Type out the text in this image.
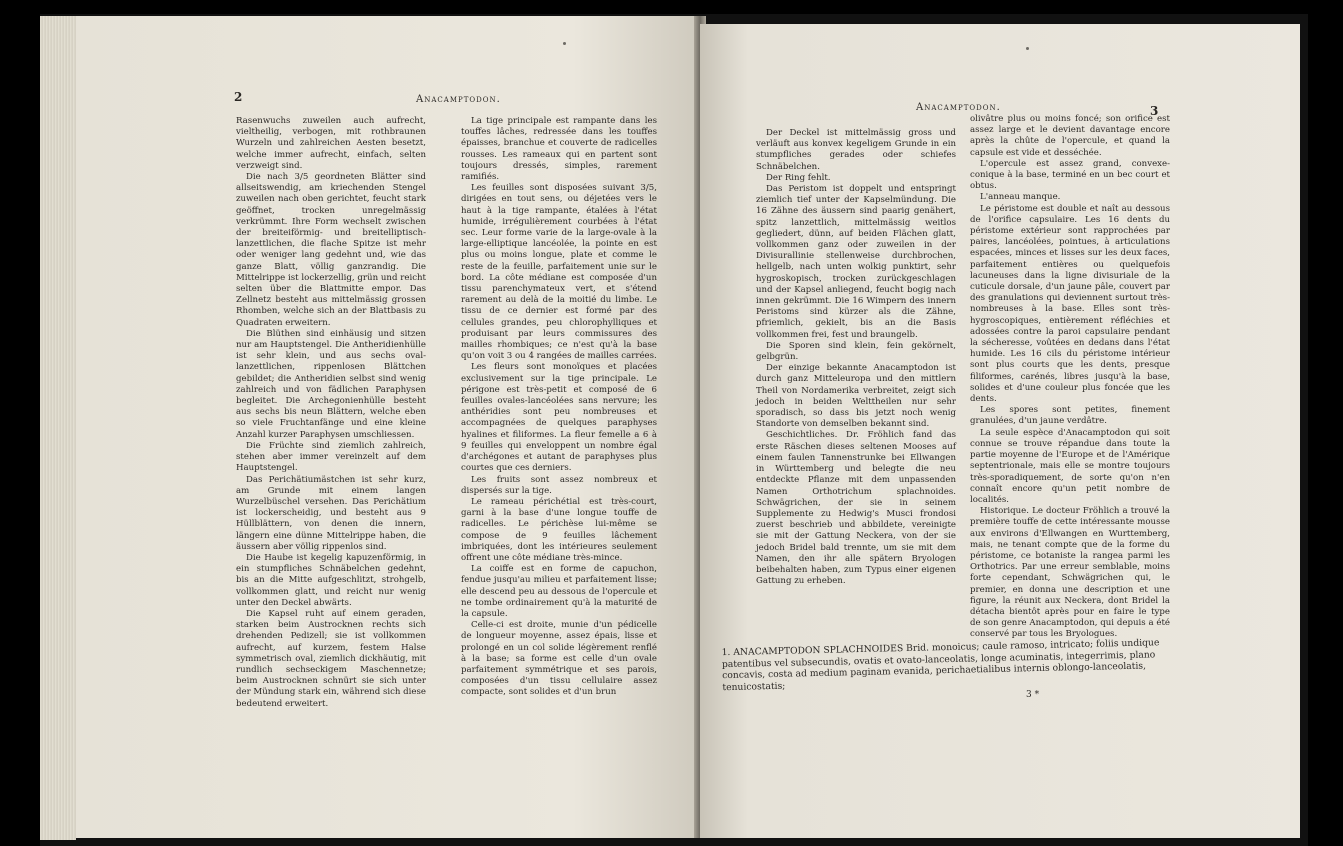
2	Anacamptodon.

Rasenwuchs zuweilen auch aufrecht, vieltheilig, verbogen, mit rothbraunen Wurzeln und zahlreichen Aesten besetzt, welche immer aufrecht, einfach, selten verzweigt sind.

Die nach 3/5 geordneten Blätter sind allseitswendig, am kriechenden Stengel zuweilen nach oben gerichtet, feucht stark geöffnet, trocken unregelmässig verkrümmt. Ihre Form wechselt zwischen der breiteiförmig- und breitelliptisch-lanzettlichen, die flache Spitze ist mehr oder weniger lang gedehnt und, wie das ganze Blatt, völlig ganzrandig. Die Mittelrippe ist lockerzellig, grün und reicht selten über die Blattmitte empor. Das Zellnetz besteht aus mittelmässig grossen Rhomben, welche sich an der Blattbasis zu Quadraten erweitern.

Die Blüthen sind einhäusig und sitzen nur am Hauptstengel. Die Antheridienhülle ist sehr klein, und aus sechs oval-lanzettlichen, rippenlosen Blättchen gebildet; die Antheridien selbst sind wenig zahlreich und von fädlichen Paraphysen begleitet. Die Archegonienhülle besteht aus sechs bis neun Blättern, welche eben so viele Fruchtanfänge und eine kleine Anzahl kurzer Paraphysen umschliessen.

Die Früchte sind ziemlich zahlreich, stehen aber immer vereinzelt auf dem Hauptstengel.

Das Perichätiumästchen ist sehr kurz, am Grunde mit einem langen Wurzelbüschel versehen. Das Perichätium ist lockerscheidig, und besteht aus 9 Hüllblättern, von denen die innern, längern eine dünne Mittelrippe haben, die äussern aber völlig rippenlos sind.

Die Haube ist kegelig kapuzenförmig, in ein stumpfliches Schnäbelchen gedehnt, bis an die Mitte aufgeschlitzt, strohgelb, vollkommen glatt, und reicht nur wenig unter den Deckel abwärts.

Die Kapsel ruht auf einem geraden, starken beim Austrocknen rechts sich drehenden Pedizell; sie ist vollkommen aufrecht, auf kurzem, festem Halse symmetrisch oval, ziemlich dickhäutig, mit rundlich sechseckigem Maschennetze; beim Austrocknen schnürt sie sich unter der Mündung stark ein, während sich diese bedeutend erweitert.

La tige principale est rampante dans les touffes lâches, redressée dans les touffes épaisses, branchue et couverte de radicelles rousses. Les rameaux qui en partent sont toujours dressés, simples, rarement ramifiés.

Les feuilles sont disposées suivant 3/5, dirigées en tout sens, ou déjetées vers le haut à la tige rampante, étalées à l'état humide, irrégulièrement courbées à l'état sec. Leur forme varie de la large-ovale à la large-elliptique lancéolée, la pointe en est plus ou moins longue, plate et comme le reste de la feuille, parfaitement unie sur le bord. La côte médiane est composée d'un tissu parenchymateux vert, et s'étend rarement au delà de la moitié du limbe. Le tissu de ce dernier est formé par des cellules grandes, peu chlorophylliques et produisant par leurs commissures des mailles rhombiques; ce n'est qu'à la base qu'on voit 3 ou 4 rangées de mailles carrées.

Les fleurs sont monoïques et placées exclusivement sur la tige principale. Le périgone est très-petit et composé de 6 feuilles ovales-lancéolées sans nervure; les anthéridies sont peu nombreuses et accompagnées de quelques paraphyses hyalines et filiformes. La fleur femelle a 6 à 9 feuilles qui enveloppent un nombre égal d'archégones et autant de paraphyses plus courtes que ces derniers.

Les fruits sont assez nombreux et dispersés sur la tige.

Le rameau périchétial est très-court, garni à la base d'une longue touffe de radicelles. Le périchèse lui-même se compose de 9 feuilles lâchement imbriquées, dont les intérieures seulement offrent une côte médiane très-mince.

La coiffe est en forme de capuchon, fendue jusqu'au milieu et parfaitement lisse; elle descend peu au dessous de l'opercule et ne tombe ordinairement qu'à la maturité de la capsule.

Celle-ci est droite, munie d'un pédicelle de longueur moyenne, assez épais, lisse et prolongé en un col solide légèrement renflé à la base; sa forme est celle d'un ovale parfaitement symmétrique et ses parois, composées d'un tissu cellulaire assez compacte, sont solides et d'un brun

Anacamptodon.	3

Der Deckel ist mittelmässig gross und verläuft aus konvex kegeligem Grunde in ein stumpfliches gerades oder schiefes Schnäbelchen.

Der Ring fehlt.

Das Peristom ist doppelt und entspringt ziemlich tief unter der Kapselmündung. Die 16 Zähne des äussern sind paarig genähert, spitz lanzettlich, mittelmässig weitlos gegliedert, dünn, auf beiden Flächen glatt, vollkommen ganz oder zuweilen in der Divisurallinie stellenweise durchbrochen, hellgelb, nach unten wolkig punktirt, sehr hygroskopisch, trocken zurückgeschlagen und der Kapsel anliegend, feucht bogig nach innen gekrümmt. Die 16 Wimpern des innern Peristoms sind kürzer als die Zähne, pfriemlich, gekielt, bis an die Basis vollkommen frei, fest und braungelb.

Die Sporen sind klein, fein gekörnelt, gelbgrün.

Der einzige bekannte Anacamptodon ist durch ganz Mitteleuropa und den mittlern Theil von Nordamerika verbreitet, zeigt sich jedoch in beiden Welttheilen nur sehr sporadisch, so dass bis jetzt noch wenig Standorte von demselben bekannt sind.

Geschichtliches. Dr. Fröhlich fand das erste Räschen dieses seltenen Mooses auf einem faulen Tannenstrunke bei Ellwangen in Württemberg und belegte die neu entdeckte Pflanze mit dem unpassenden Namen Orthotrichum splachnoides. Schwägrichen, der sie in seinem Supplemente zu Hedwig's Musci frondosi zuerst beschrieb und abbildete, vereinigte sie mit der Gattung Neckera, von der sie jedoch Bridel bald trennte, um sie mit dem Namen, den ihr alle spätern Bryologen beibehalten haben, zum Typus einer eigenen Gattung zu erheben.

olivâtre plus ou moins foncé; son orifice est assez large et le devient davantage encore après la chûte de l'opercule, et quand la capsule est vide et desséchée.

L'opercule est assez grand, convexe-conique à la base, terminé en un bec court et obtus.

L'anneau manque.

Le péristome est double et naît au dessous de l'orifice capsulaire. Les 16 dents du péristome extérieur sont rapprochées par paires, lancéolées, pointues, à articulations espacées, minces et lisses sur les deux faces, parfaitement entières ou quelquefois lacuneuses dans la ligne divisuriale de la cuticule dorsale, d'un jaune pâle, couvert par des granulations qui deviennent surtout très-nombreuses à la base. Elles sont très-hygroscopiques, entièrement réfléchies et adossées contre la paroi capsulaire pendant la sécheresse, voûtées en dedans dans l'état humide. Les 16 cils du péristome intérieur sont plus courts que les dents, presque filiformes, carénés, libres jusqu'à la base, solides et d'une couleur plus foncée que les dents.

Les spores sont petites, finement granulées, d'un jaune verdâtre.

La seule espèce d'Anacamptodon qui soit connue se trouve répandue dans toute la partie moyenne de l'Europe et de l'Amérique septentrionale, mais elle se montre toujours très-sporadiquement, de sorte qu'on n'en connaît encore qu'un petit nombre de localités.

Historique. Le docteur Fröhlich a trouvé la première touffe de cette intéressante mousse aux environs d'Ellwangen en Wurttemberg, mais, ne tenant compte que de la forme du péristome, ce botaniste la rangea parmi les Orthotrics. Par une erreur semblable, moins forte cependant, Schwägrichen qui, le premier, en donna une description et une figure, la réunit aux Neckera, dont Bridel la détacha bientôt après pour en faire le type de son genre Anacamptodon, qui depuis a été conservé par tous les Bryologues.

1. ANACAMPTODON SPLACHNOIDES Brid. monoicus; caule ramoso, intricato; foliis undique patentibus vel subsecundis, ovatis et ovato-lanceolatis, longe acuminatis, integerrimis, plano concavis, costa ad medium paginam evanida, perichaetialibus internis oblongo-lanceolatis, tenuicostatis;
3 *
